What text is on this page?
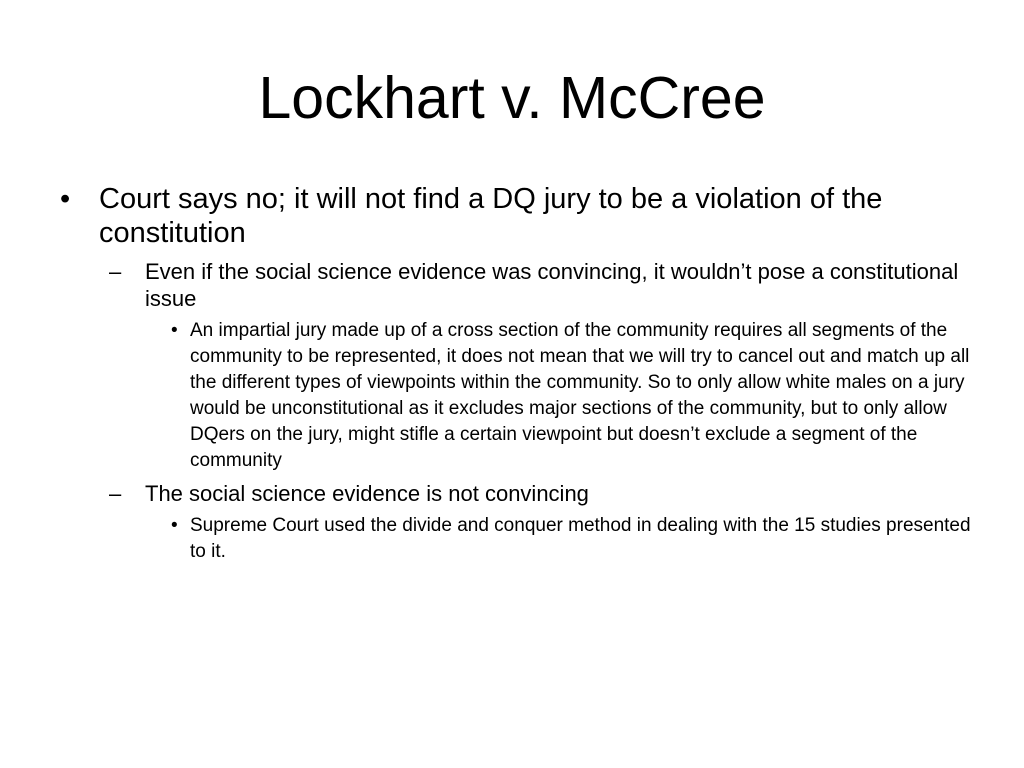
Lockhart v. McCree
• Court says no; it will not find a DQ jury to be a violation of the constitution
– Even if the social science evidence was convincing, it wouldn’t pose a constitutional issue
• An impartial jury made up of a cross section of the community requires all segments of the community to be represented, it does not mean that we will try to cancel out and match up all the different types of viewpoints within the community. So to only allow white males on a jury would be unconstitutional as it excludes major sections of the community, but to only allow DQers on the jury, might stifle a certain viewpoint but doesn’t exclude a segment of the community
– The social science evidence is not convincing
• Supreme Court used the divide and conquer method in dealing with the 15 studies presented to it.
